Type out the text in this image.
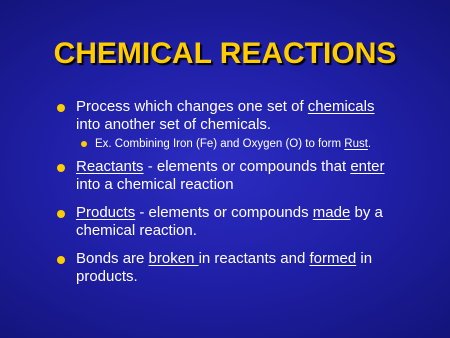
CHEMICAL REACTIONS
Process which changes one set of chemicals into another set of chemicals.
Ex. Combining Iron (Fe) and Oxygen (O) to form Rust.
Reactants - elements or compounds that enter into a chemical reaction
Products - elements or compounds made by a chemical reaction.
Bonds are broken in reactants and formed in products.
